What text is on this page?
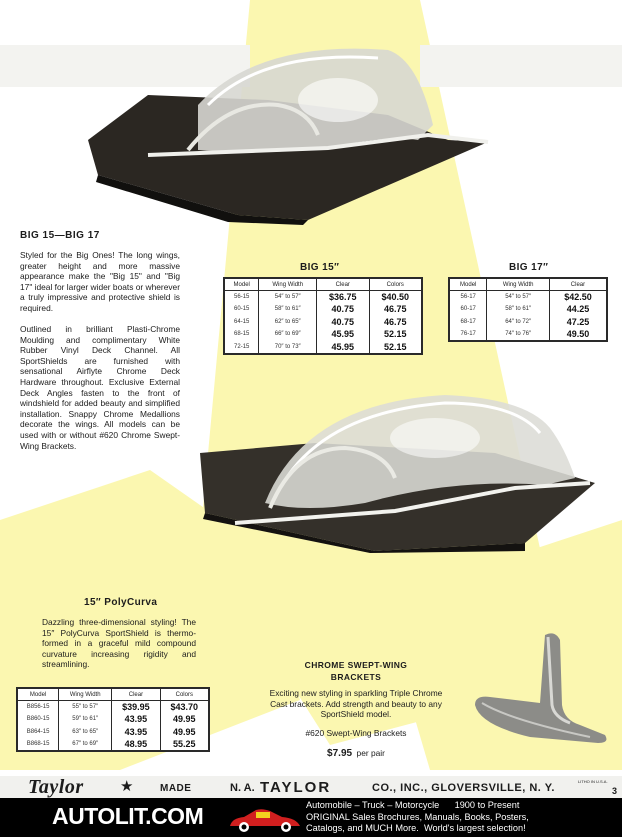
BIG 15—BIG 17
Styled for the Big Ones! The long wings, greater height and more massive appearance make the "Big 15" and "Big 17" ideal for larger wider boats or wherever a truly impressive and protective shield is required.
Outlined in brilliant Plasti-Chrome Moulding and complimentary White Rubber Vinyl Deck Channel. All SportShields are furnished with sensational Airflyte Chrome Deck Hardware throughout. Exclusive External Deck Angles fasten to the front of windshield for added beauty and simplified installation. Snappy Chrome Medallions decorate the wings. All models can be used with or without #620 Chrome Swept-Wing Brackets.
BIG 15″
Model	Wing Width	Clear	Colors
56-15	54″ to 57″	$36.75	$40.50
60-15	58″ to 61″	40.75	46.75
64-15	62″ to 65″	40.75	46.75
68-15	66″ to 69″	45.95	52.15
72-15	70″ to 73″	45.95	52.15
BIG 17″
Model	Wing Width	Clear
56-17	54″ to 57″	$42.50
60-17	58″ to 61″	44.25
68-17	64″ to 72″	47.25
76-17	74″ to 76″	49.50
15″ PolyCurva
Dazzling three-dimensional styling! The 15″ PolyCurva SportShield is thermo-formed in a graceful mild compound curvature increasing rigidity and streamlining.
Model	Wing Width	Clear	Colors
B856-15	55″ to 57″	$39.95	$43.70
B860-15	59″ to 61″	43.95	49.95
B864-15	63″ to 65″	43.95	49.95
B868-15	67″ to 69″	48.95	55.25
CHROME SWEPT-WING
BRACKETS
Exciting new styling in sparkling Triple Chrome Cast brackets. Add strength and beauty to any SportShield model.
#620 Swept-Wing Brackets
$7.95 per pair
Taylor ★	MADE	N. A. TAYLOR	CO., INC., GLOVERSVILLE, N. Y.
LITHO IN U.S.A.
3
AUTOLIT.COM	Automobile – Truck – Motorcycle      1900 to Present
ORIGINAL Sales Brochures, Manuals, Books, Posters,
Catalogs, and MUCH More.  World's largest selection!
